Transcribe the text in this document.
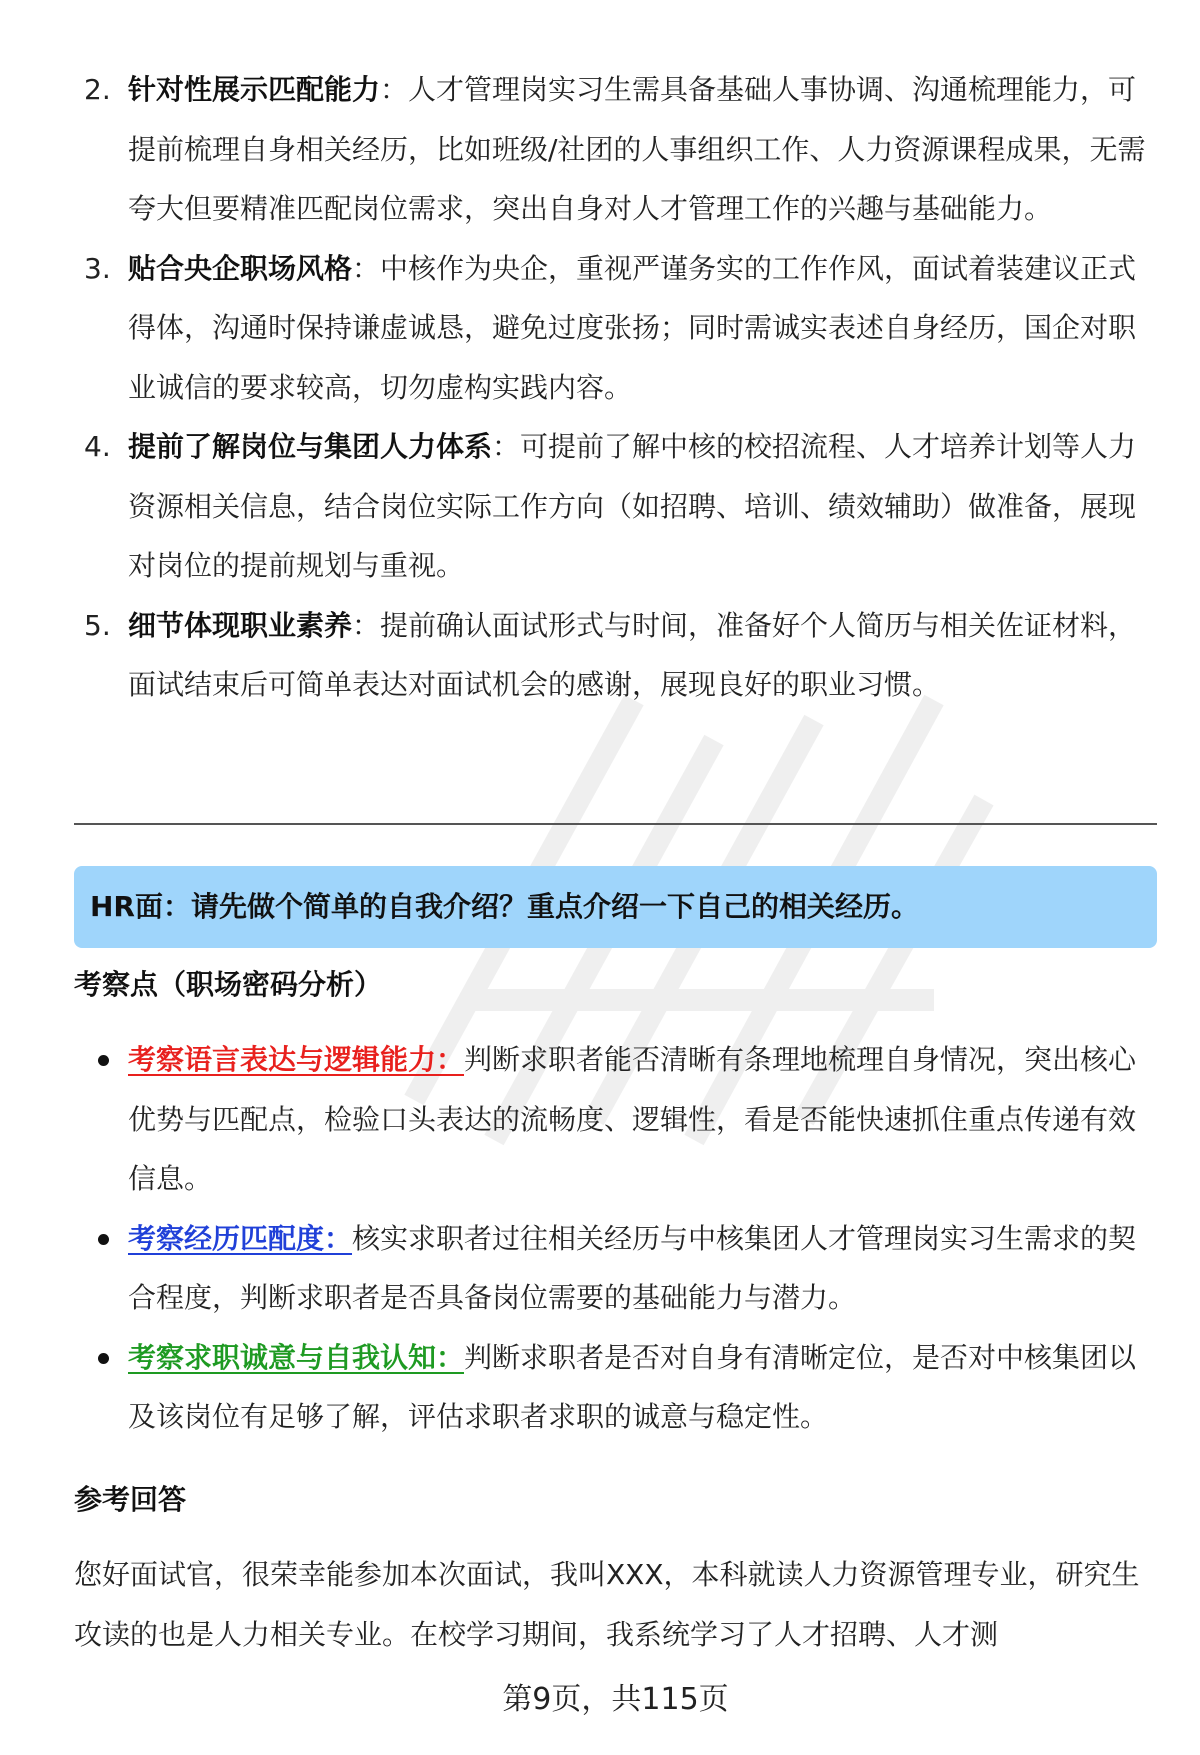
2. 针对性展示匹配能力：人才管理岗实习生需具备基础人事协调、沟通梳理能力，可提前梳理自身相关经历，比如班级/社团的人事组织工作、人力资源课程成果，无需夸大但要精准匹配岗位需求，突出自身对人才管理工作的兴趣与基础能力。
3. 贴合央企职场风格：中核作为央企，重视严谨务实的工作作风，面试着装建议正式得体，沟通时保持谦虚诚恳，避免过度张扬；同时需诚实表述自身经历，国企对职业诚信的要求较高，切勿虚构实践内容。
4. 提前了解岗位与集团人力体系：可提前了解中核的校招流程、人才培养计划等人力资源相关信息，结合岗位实际工作方向（如招聘、培训、绩效辅助）做准备，展现对岗位的提前规划与重视。
5. 细节体现职业素养：提前确认面试形式与时间，准备好个人简历与相关佐证材料，面试结束后可简单表达对面试机会的感谢，展现良好的职业习惯。
HR面：请先做个简单的自我介绍？重点介绍一下自己的相关经历。
考察点（职场密码分析）
考察语言表达与逻辑能力：判断求职者能否清晰有条理地梳理自身情况，突出核心优势与匹配点，检验口头表达的流畅度、逻辑性，看是否能快速抓住重点传递有效信息。
考察经历匹配度：核实求职者过往相关经历与中核集团人才管理岗实习生需求的契合程度，判断求职者是否具备岗位需要的基础能力与潜力。
考察求职诚意与自我认知：判断求职者是否对自身有清晰定位，是否对中核集团以及该岗位有足够了解，评估求职者求职的诚意与稳定性。
参考回答

您好面试官，很荣幸能参加本次面试，我叫XXX，本科就读人力资源管理专业，研究生攻读的也是人力相关专业。在校学习期间，我系统学习了人才招聘、人才测

第9页，共115页
